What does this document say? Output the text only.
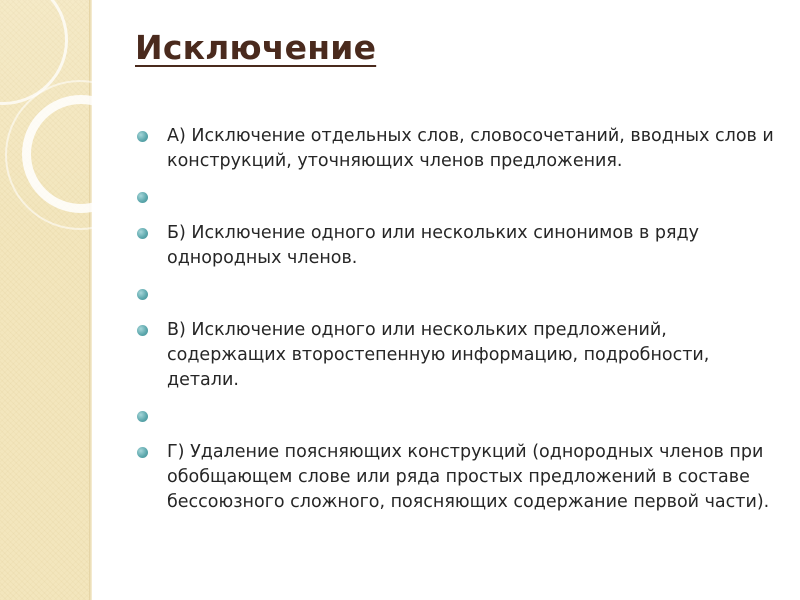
Исключение
А) Исключение отдельных слов, словосочетаний, вводных слов и конструкций, уточняющих членов предложения.
Б) Исключение одного или нескольких синонимов в ряду однородных членов.
В) Исключение одного или нескольких предложений, содержащих второстепенную информацию, подробности, детали.
Г) Удаление поясняющих конструкций (однородных членов при обобщающем слове или ряда простых предложений в составе бессоюзного сложного, поясняющих содержание первой части).
